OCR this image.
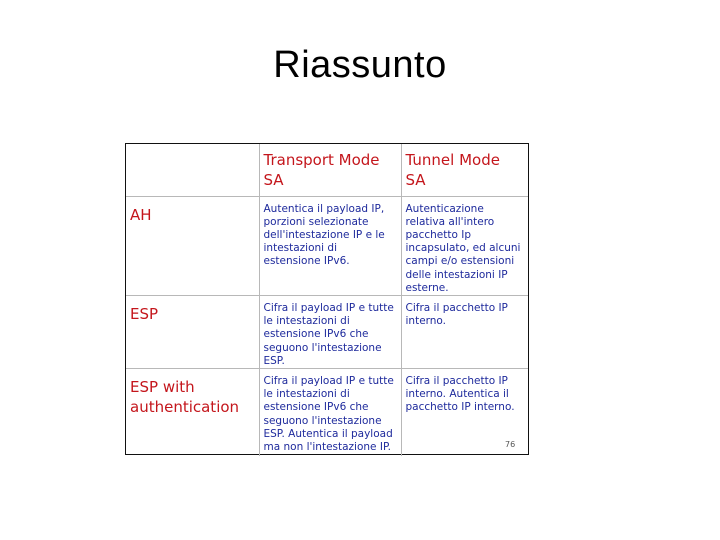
Riassunto

	Transport Mode SA	Tunnel Mode SA

AH	Autentica il payload IP, porzioni selezionate dell'intestazione IP e le intestazioni di estensione IPv6.	Autenticazione relativa all'intero pacchetto Ip incapsulato, ed alcuni campi e/o estensioni delle intestazioni IP esterne.

ESP	Cifra il payload IP e tutte le intestazioni di estensione IPv6 che seguono l'intestazione ESP.	Cifra il pacchetto IP interno.

ESP with authentication	Cifra il payload IP e tutte le intestazioni di estensione IPv6 che seguono l'intestazione ESP. Autentica il payload ma non l'intestazione IP.	Cifra il pacchetto IP interno. Autentica il pacchetto IP interno.
76
